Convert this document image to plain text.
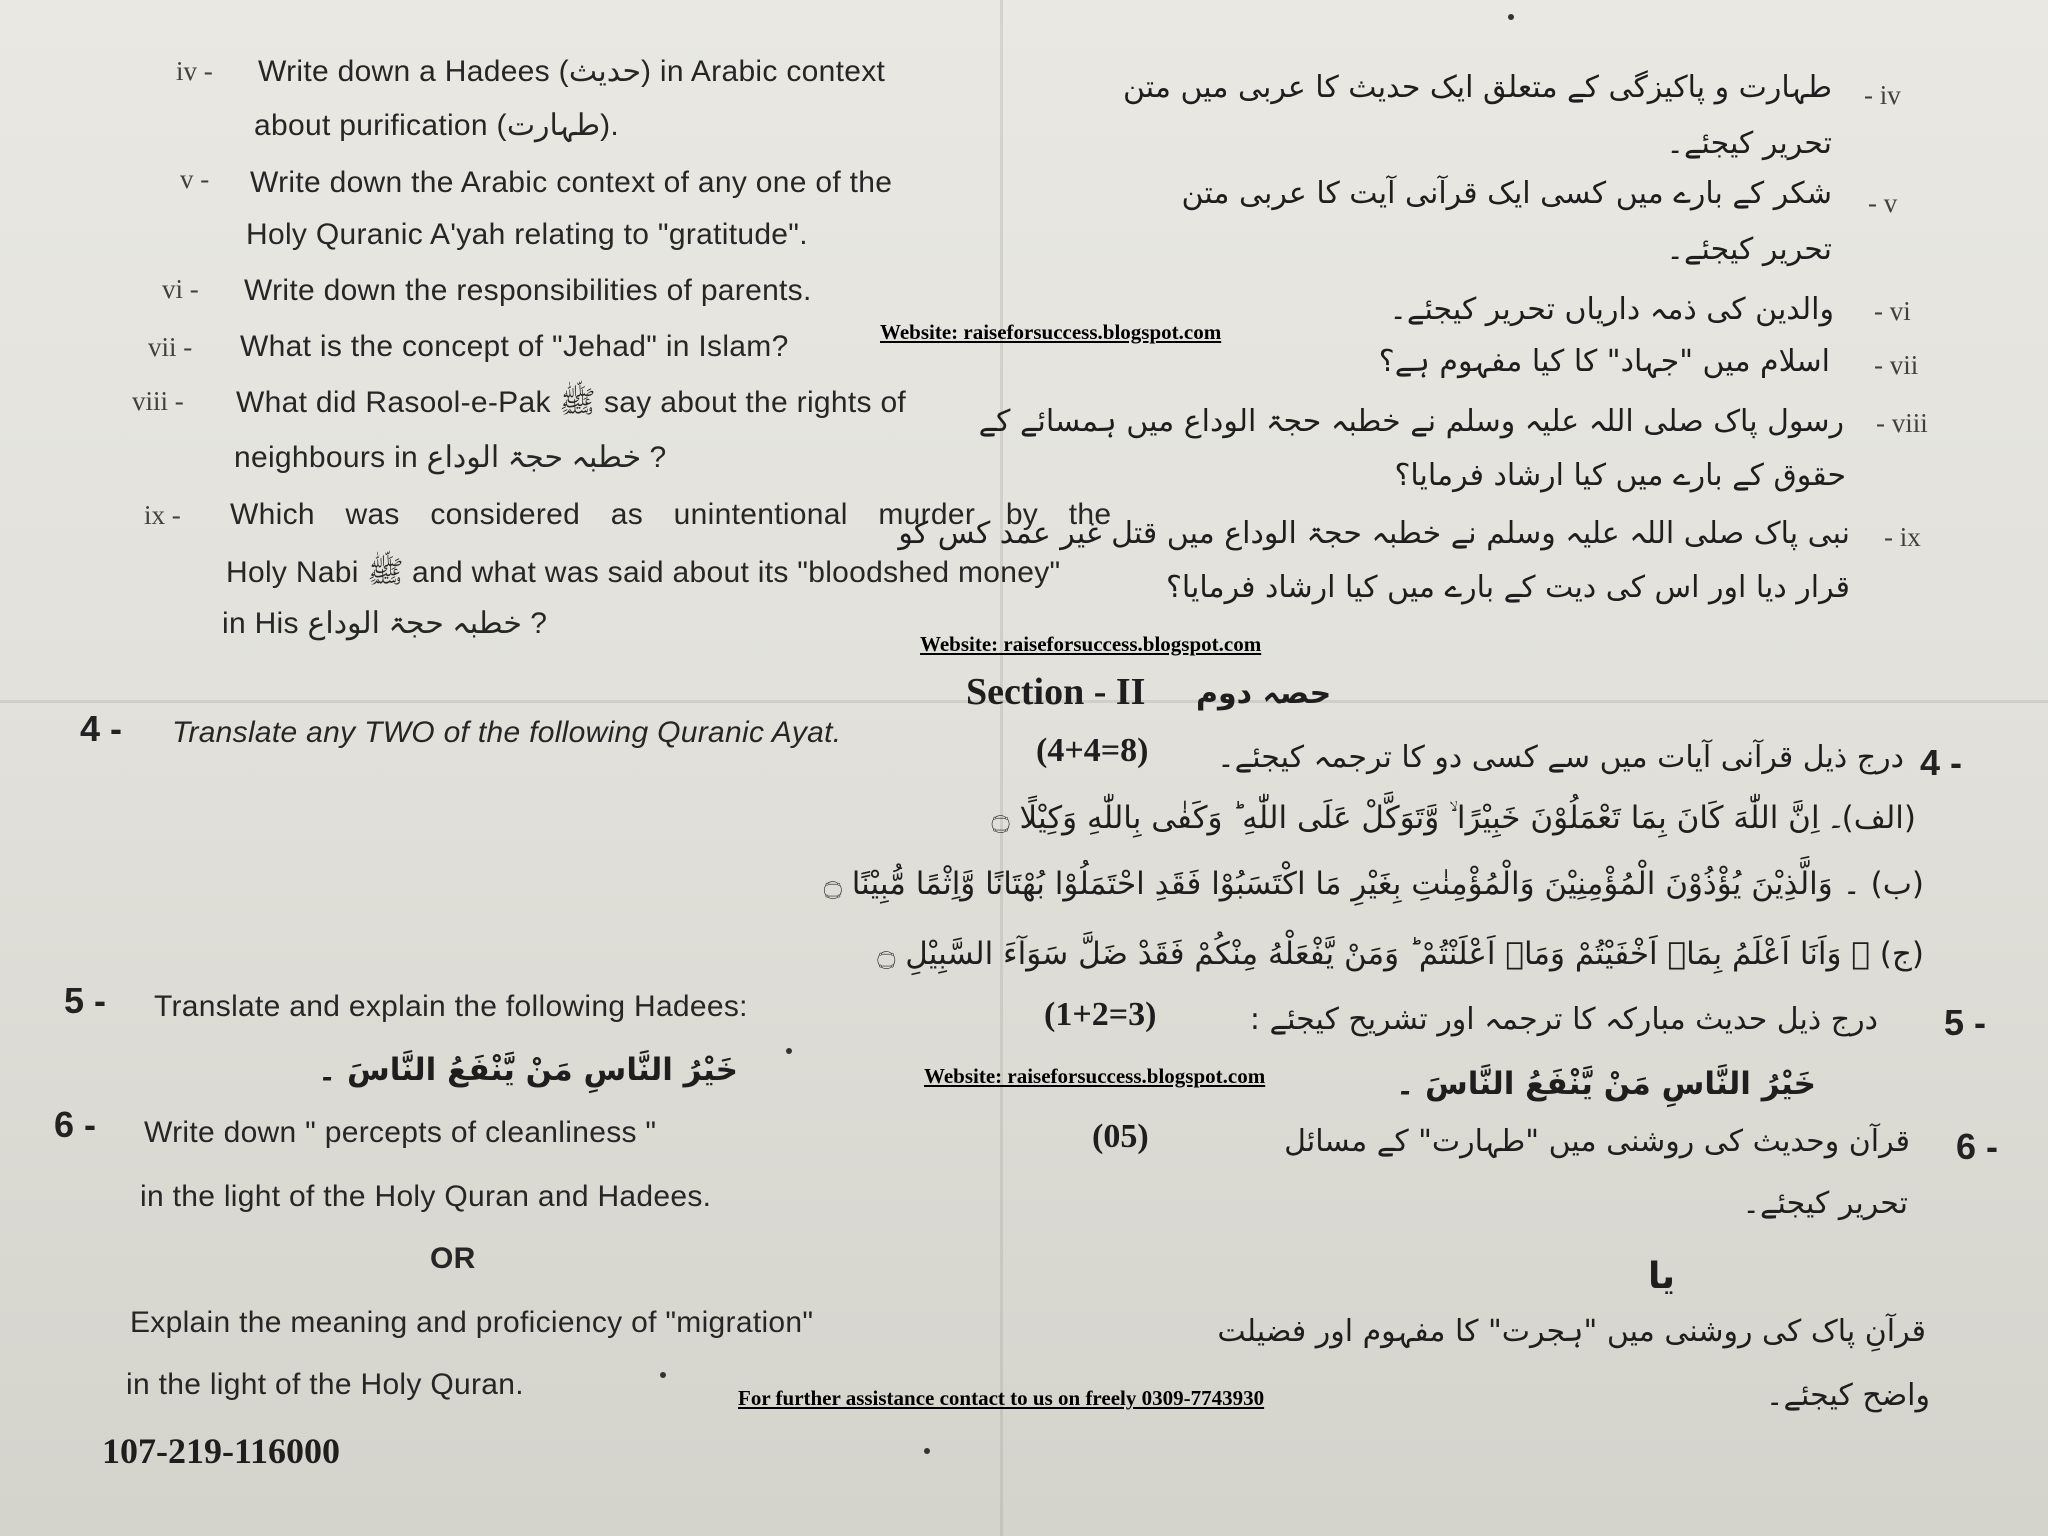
iv - Write down a Hadees (حدیث) in Arabic context
about purification (طہارت).
v - Write down the Arabic context of any one of the
Holy Quranic A'yah relating to "gratitude".
vi - Write down the responsibilities of parents.
vii - What is the concept of "Jehad" in Islam?
viii - What did Rasool-e-Pak ﷺ say about the rights of
neighbours in خطبہ حجۃ الوداع ?
ix - Which was considered as unintentional murder by the
Holy Nabi ﷺ and what was said about its "bloodshed money"
in His خطبہ حجۃ الوداع ?
طہارت و پاکیزگی کے متعلق ایک حدیث کا عربی میں متن - iv
تحریر کیجئے۔
شکر کے بارے میں کسی ایک قرآنی آیت کا عربی متن - v
تحریر کیجئے۔
والدین کی ذمہ داریاں تحریر کیجئے۔ - vi
اسلام میں "جہاد" کا کیا مفہوم ہے؟ - vii
رسول پاک صلی اللہ علیہ وسلم نے خطبہ حجۃ الوداع میں ہمسائے کے - viii
حقوق کے بارے میں کیا ارشاد فرمایا؟
نبی پاک صلی اللہ علیہ وسلم نے خطبہ حجۃ الوداع میں قتل غیر عمد کس کو - ix
قرار دیا اور اس کی دیت کے بارے میں کیا ارشاد فرمایا؟
Website: raiseforsuccess.blogspot.com
Website: raiseforsuccess.blogspot.com
Website: raiseforsuccess.blogspot.com
Section - II حصہ دوم
4 - Translate any TWO of the following Quranic Ayat.	(4+4=8) درج ذیل قرآنی آیات میں سے کسی دو کا ترجمہ کیجئے۔ 4 -
(الف)۔ اِنَّ اللّٰهَ كَانَ بِمَا تَعْمَلُوْنَ خَبِيْرًا ۙ وَّتَوَكَّلْ عَلَى اللّٰهِ ؕ وَكَفٰى بِاللّٰهِ وَكِيْلًا ۝
(ب) ۔ وَالَّذِيْنَ يُؤْذُوْنَ الْمُؤْمِنِيْنَ وَالْمُؤْمِنٰتِ بِغَيْرِ مَا اكْتَسَبُوْا فَقَدِ احْتَمَلُوْا بُهْتَانًا وَّاِثْمًا مُّبِيْنًا ۝
(ج) ۔ وَاَنَا اَعْلَمُ بِمَاۤ اَخْفَيْتُمْ وَمَاۤ اَعْلَنْتُمْ ؕ وَمَنْ يَّفْعَلْهُ مِنْكُمْ فَقَدْ ضَلَّ سَوَآءَ السَّبِيْلِ ۝
5 - Translate and explain the following Hadees:	(1+2=3)	درج ذیل حدیث مبارکہ کا ترجمہ اور تشریح کیجئے : 5 -
خَيْرُ النَّاسِ مَنْ يَّنْفَعُ النَّاسَ ۔	خَيْرُ النَّاسِ مَنْ يَّنْفَعُ النَّاسَ ۔
6 - Write down " percepts of cleanliness "
in the light of the Holy Quran and Hadees.
(05)	قرآن وحدیث کی روشنی میں "طہارت" کے مسائل 6 -
تحریر کیجئے۔
OR	یا
Explain the meaning and proficiency of "migration"
in the light of the Holy Quran.
قرآنِ پاک کی روشنی میں "ہجرت" کا مفہوم اور فضیلت
واضح کیجئے۔
For further assistance contact to us on freely 0309-7743930
107-219-116000
